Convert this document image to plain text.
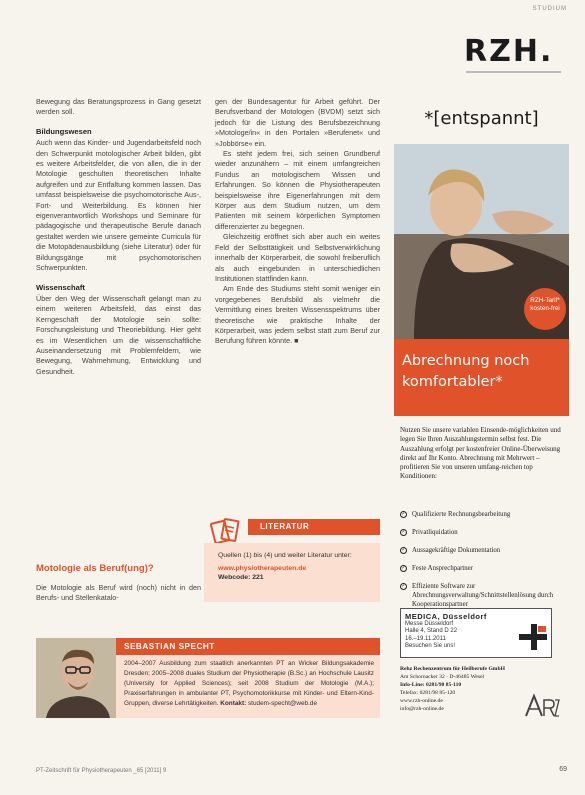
STUDIUM

Bewegung das Beratungsprozess in Gang gesetzt werden soll.

Bildungswesen

Auch wenn das Kinder- und Jugendarbeitsfeld noch den Schwerpunkt motologischer Arbeit bilden, gibt es weitere Arbeitsfelder, die von allen, die in der Motologie geschulten theoretischen Inhalte aufgreifen und zur Entfaltung kommen lassen. Das umfasst beispielsweise die psychomotorische Aus-, Fort- und Weiterbildung. Es können hier eigenverantwortlich Workshops und Seminare für pädagogische und therapeutische Berufe danach gestaltet werden wie unsere gemeinte Curricula für die Motopädenausbildung (siehe Literatur) oder für Bildungsgänge mit psychomotorischen Schwerpunkten.

Wissenschaft

Über den Weg der Wissenschaft gelangt man zu einem weiteren Arbeitsfeld, das einst das Kerngeschäft der Motologie sein sollte: Forschungsleistung und Theoriebildung. Hier geht es im Wesentlichen um die wissenschaftliche Auseinandersetzung mit Problemfeldern, wie Bewegung, Wahrnehmung, Entwicklung und Gesundheit.

gen der Bundesagentur für Arbeit geführt. Der Berufsverband der Motologen (BVDM) setzt sich jedoch für die Listung des Berufsbezeichnung »Motologe/in« in den Portalen »Berufenet« und »Jobbörse« ein.

Es steht jedem frei, sich seinen Grundberuf wieder anzunähern – mit einem umfangreichen Fundus an motologischem Wissen und Erfahrungen. So können die Physiotherapeuten beispielsweise ihre Eigenerfahrungen mit dem Körper aus dem Studium nutzen, um dem Patienten mit seinem körperlichen Symptomen differenzierter zu begegnen.

Gleichzeitig eröffnet sich aber auch ein weites Feld der Selbsttätigkeit und Selbstverwirklichung innerhalb der Körperarbeit, die sowohl freiberuflich als auch eingebunden in unterschiedlichen Institutionen stattfinden kann.

Am Ende des Studiums steht somit weniger ein vorgegebenes Berufsbild als vielmehr die Vermittlung eines breiten Wissensspektrums über theoretische wie praktische Inhalte der Körperarbeit, was jedem selbst statt zum Beruf zur Berufung führen könnte. ■

Motologie als Beruf(ung)?

Die Motologie als Beruf wird (noch) nicht in den Berufs- und Stellenkatalo-

LITERATUR
Quellen (1) bis (4) und weiter Literatur unter:
www.physiotherapeuten.de
Webcode: 221
SEBASTIAN SPECHT
2004–2007 Ausbildung zum staatlich anerkannten PT an Wicker Bildungsakademie Dresden; 2005–2008 duales Studium der Physiotherapie (B.Sc.) an Hochschule Lausitz (University for Applied Sciences); seit 2008 Studium der Motologie (M.A.); Praxiserfahrungen in ambulanter PT, Psychomotorikkurse mit Kinder- und Eltern-Kind-Gruppen, diverse Lehrtätigkeiten. Kontakt: studem-specht@web.de
PT-Zeitschrift für Physiotherapeuten _65 [2011] 9	69
RZH.
*[entspannt]
RZH-Tarif* kosten-frei
Abrechnung noch
komfortabler*
Nutzen Sie unsere variablen Einsende-möglichkeiten und legen Sie Ihren Auszahlungstermin selbst fest. Die Auszahlung erfolgt per kostenfreier Online-Überweisung direkt auf Ihr Konto. Abrechnung mit Mehrwert – profitieren Sie von unseren umfang-reichen top Konditionen:
✓ Qualifizierte Rechnungsbearbeitung
✓ Privatliquidation
✓ Aussagekräftige Dokumentation
✓ Feste Ansprechpartner
✓ Effiziente Software zur Abrechnungsverwaltung/Schnittstellenlösung durch Kooperationspartner
MEDICA, Düsseldorf
Messe Düsseldorf
Halle 4, Stand D 22
16.–19.11.2011
Besuchen Sie uns!
Rehz Rechenzentrum für Heilberufe GmbH
Am Schornacker 32 · D-46485 Wesel
Info-Line: 0281/98 85-110
Telefax: 0281/98 85-120
www.rzh-online.de
info@rzh-online.de
